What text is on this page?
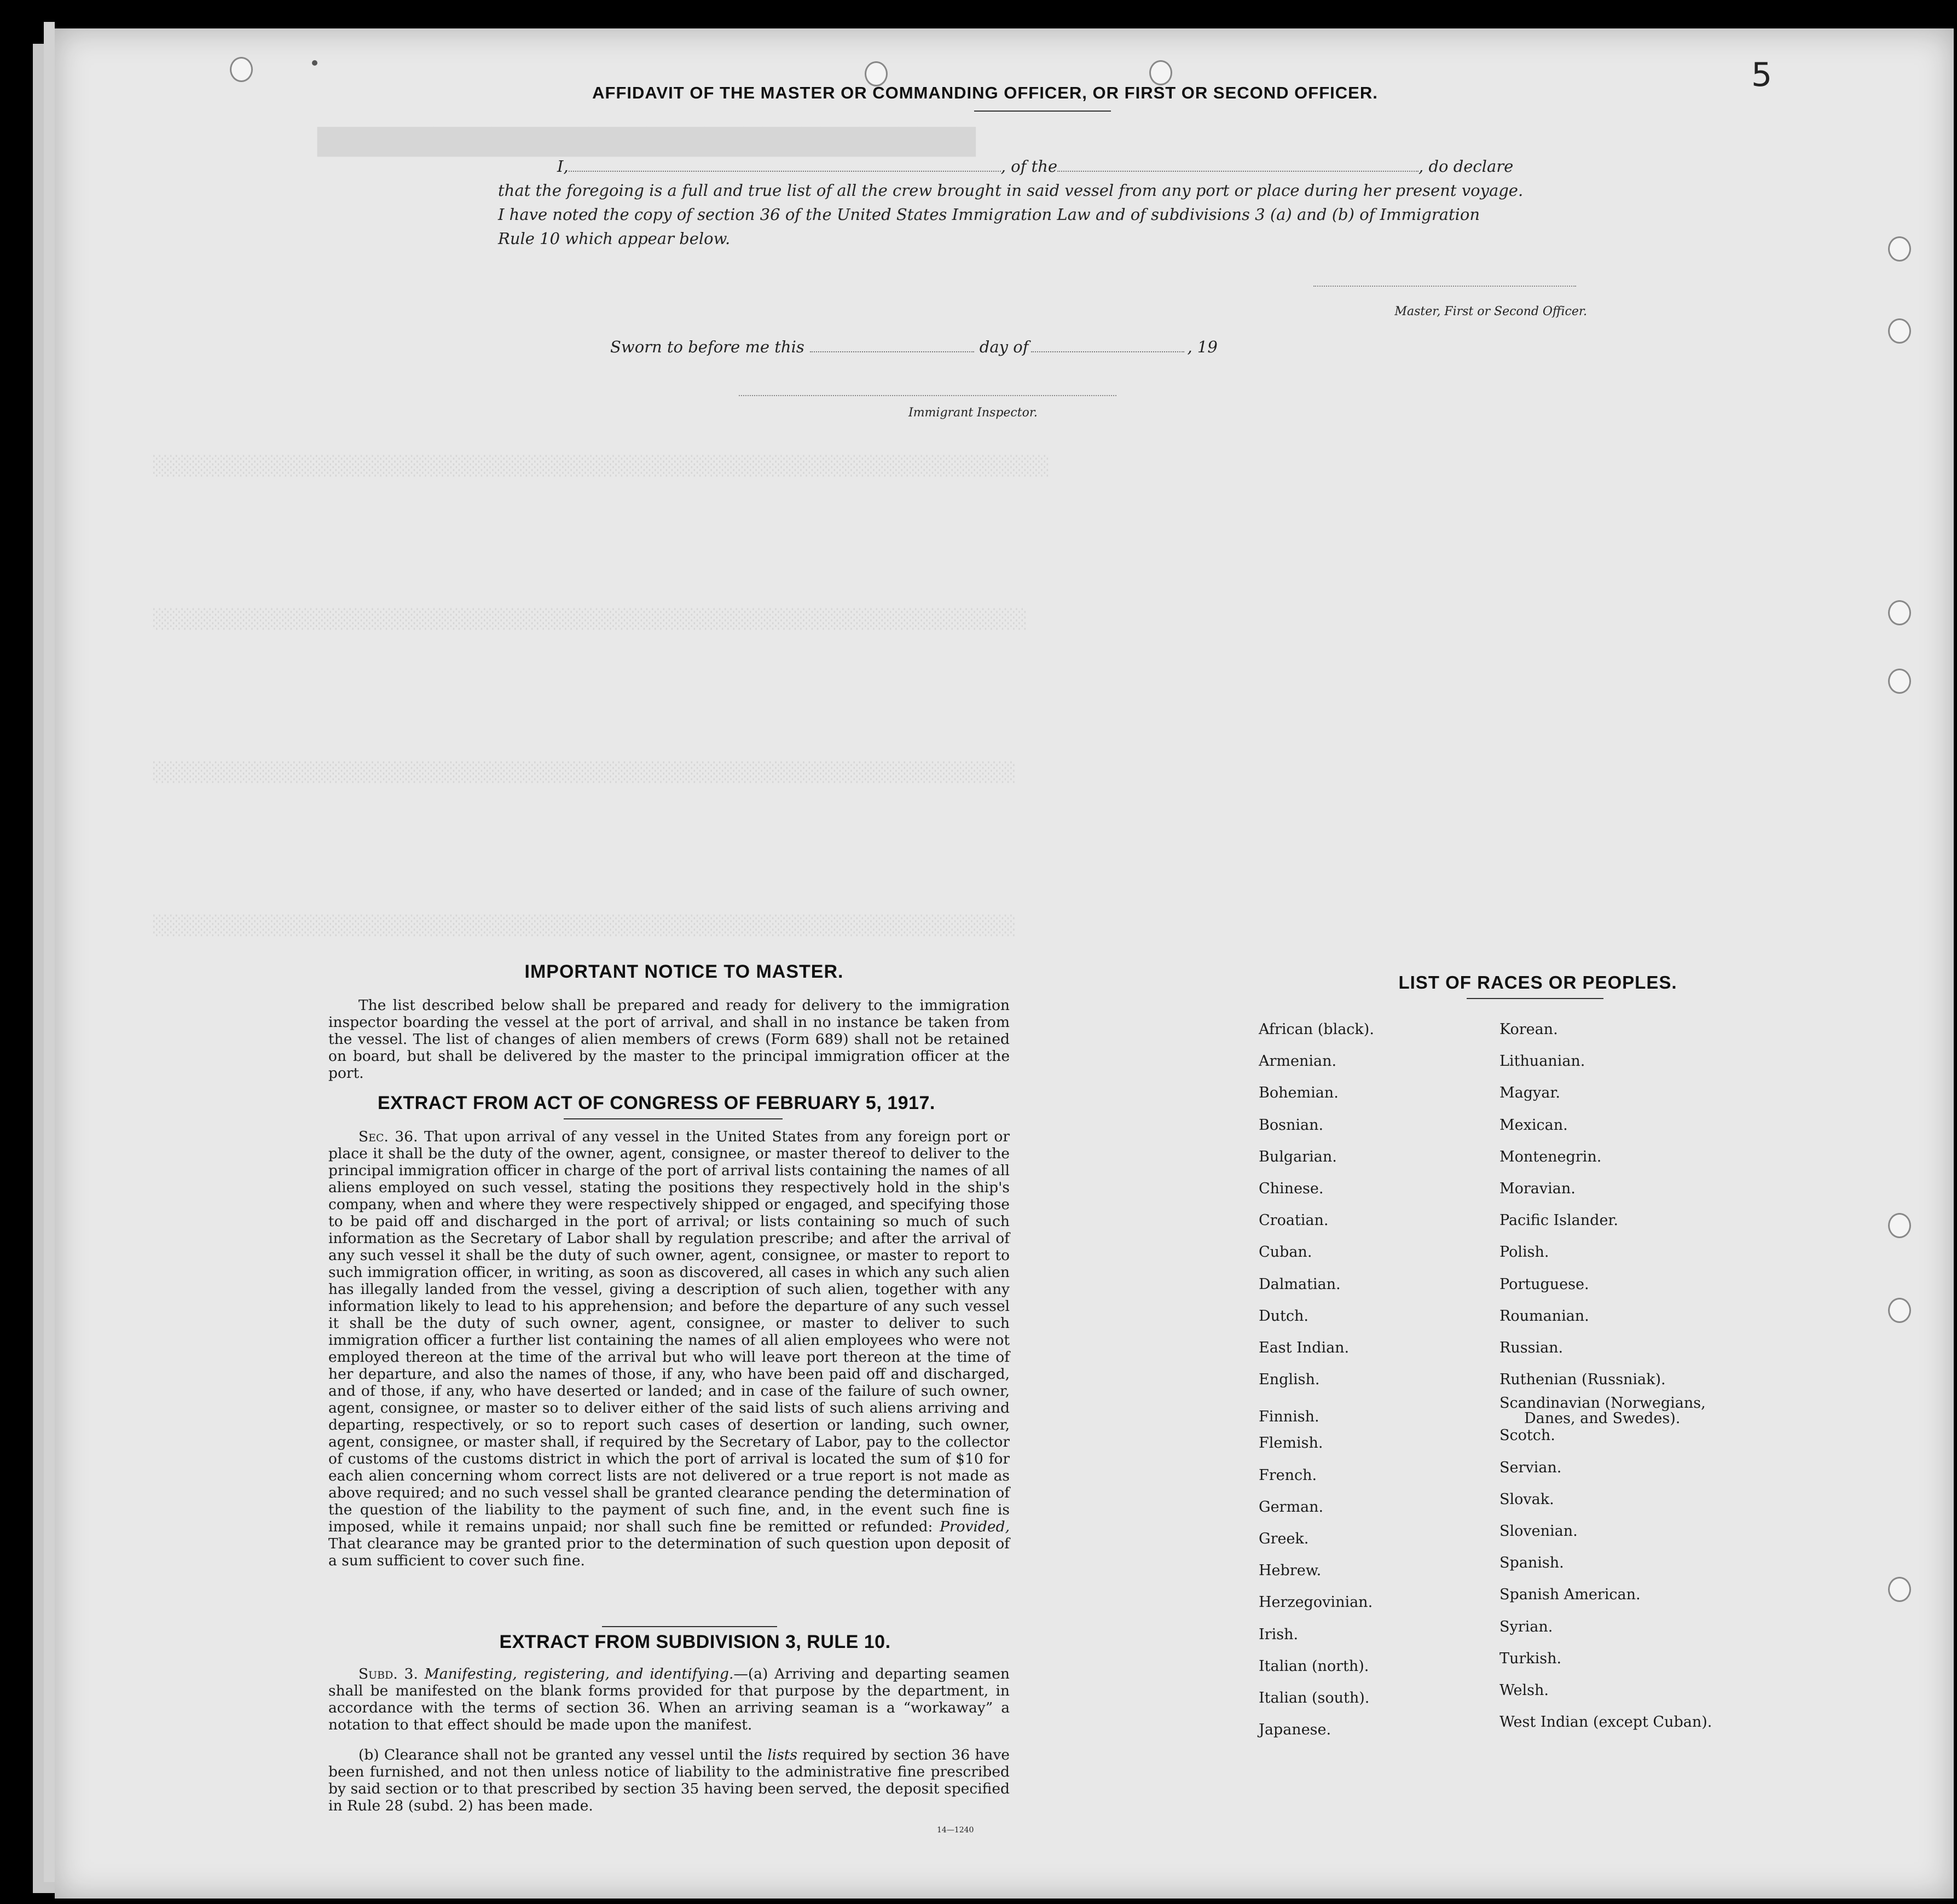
██████████████████████████████████
░░░░░░░░░░░░░░░░░░░░░░░░░░░░░░░░░░░░░░░░░░░░░░░░░░░░░░░░░░░░░░░░░░░░░░░░░░░░░░░░
░░░░░░░░░░░░░░░░░░░░░░░░░░░░░░░░░░░░░░░░░░░░░░░░░░░░░░░░░░░░░░░░░░░░░░░░░░░░░░
░░░░░░░░░░░░░░░░░░░░░░░░░░░░░░░░░░░░░░░░░░░░░░░░░░░░░░░░░░░░░░░░░░░░░░░░░░░░░
░░░░░░░░░░░░░░░░░░░░░░░░░░░░░░░░░░░░░░░░░░░░░░░░░░░░░░░░░░░░░░░░░░░░░░░░░░░░░
5
AFFIDAVIT OF THE MASTER OR COMMANDING OFFICER, OR FIRST OR SECOND OFFICER.
I,	, of the	, do declare
that the foregoing is a full and true list of all the crew brought in said vessel from any port or place during her present voyage.
I have noted the copy of section 36 of the United States Immigration Law and of subdivisions 3 (a) and (b) of Immigration
Rule 10 which appear below.
Master, First or Second Officer.
Sworn to before me this	day of	, 19
Immigrant Inspector.
IMPORTANT NOTICE TO MASTER.
The list described below shall be prepared and ready for delivery to the immigration inspector boarding the vessel at the port of arrival, and shall in no instance be taken from the vessel. The list of changes of alien members of crews (Form 689) shall not be retained on board, but shall be delivered by the master to the principal immigration officer at the port.
EXTRACT FROM ACT OF CONGRESS OF FEBRUARY 5, 1917.
Sec. 36. That upon arrival of any vessel in the United States from any foreign port or place it shall be the duty of the owner, agent, consignee, or master thereof to deliver to the principal immigration officer in charge of the port of arrival lists containing the names of all aliens employed on such vessel, stating the positions they respectively hold in the ship's company, when and where they were respectively shipped or engaged, and specifying those to be paid off and discharged in the port of arrival; or lists containing so much of such information as the Secretary of Labor shall by regulation prescribe; and after the arrival of any such vessel it shall be the duty of such owner, agent, consignee, or master to report to such immigration officer, in writing, as soon as discovered, all cases in which any such alien has illegally landed from the vessel, giving a description of such alien, together with any information likely to lead to his apprehension; and before the departure of any such vessel it shall be the duty of such owner, agent, consignee, or master to deliver to such immigration officer a further list containing the names of all alien employees who were not employed thereon at the time of the arrival but who will leave port thereon at the time of her departure, and also the names of those, if any, who have been paid off and discharged, and of those, if any, who have deserted or landed; and in case of the failure of such owner, agent, consignee, or master so to deliver either of the said lists of such aliens arriving and departing, respectively, or so to report such cases of desertion or landing, such owner, agent, consignee, or master shall, if required by the Secretary of Labor, pay to the collector of customs of the customs district in which the port of arrival is located the sum of $10 for each alien concerning whom correct lists are not delivered or a true report is not made as above required; and no such vessel shall be granted clearance pending the determination of the question of the liability to the payment of such fine, and, in the event such fine is imposed, while it remains unpaid; nor shall such fine be remitted or refunded: Provided, That clearance may be granted prior to the determination of such question upon deposit of a sum sufficient to cover such fine.
EXTRACT FROM SUBDIVISION 3, RULE 10.
Subd. 3. Manifesting, registering, and identifying.—(a) Arriving and departing seamen shall be manifested on the blank forms provided for that purpose by the department, in accordance with the terms of section 36. When an arriving seaman is a “workaway” a notation to that effect should be made upon the manifest.
(b) Clearance shall not be granted any vessel until the lists required by section 36 have been furnished, and not then unless notice of liability to the administrative fine prescribed by said section or to that prescribed by section 35 having been served, the deposit specified in Rule 28 (subd. 2) has been made.
14—1240
LIST OF RACES OR PEOPLES.
African (black).
Armenian.
Bohemian.
Bosnian.
Bulgarian.
Chinese.
Croatian.
Cuban.
Dalmatian.
Dutch.
East Indian.
English.
Finnish.
Flemish.
French.
German.
Greek.
Hebrew.
Herzegovinian.
Irish.
Italian (north).
Italian (south).
Japanese.
Korean.
Lithuanian.
Magyar.
Mexican.
Montenegrin.
Moravian.
Pacific Islander.
Polish.
Portuguese.
Roumanian.
Russian.
Ruthenian (Russniak).
Scandinavian (Norwegians,
Danes, and Swedes).
Scotch.
Servian.
Slovak.
Slovenian.
Spanish.
Spanish American.
Syrian.
Turkish.
Welsh.
West Indian (except Cuban).
